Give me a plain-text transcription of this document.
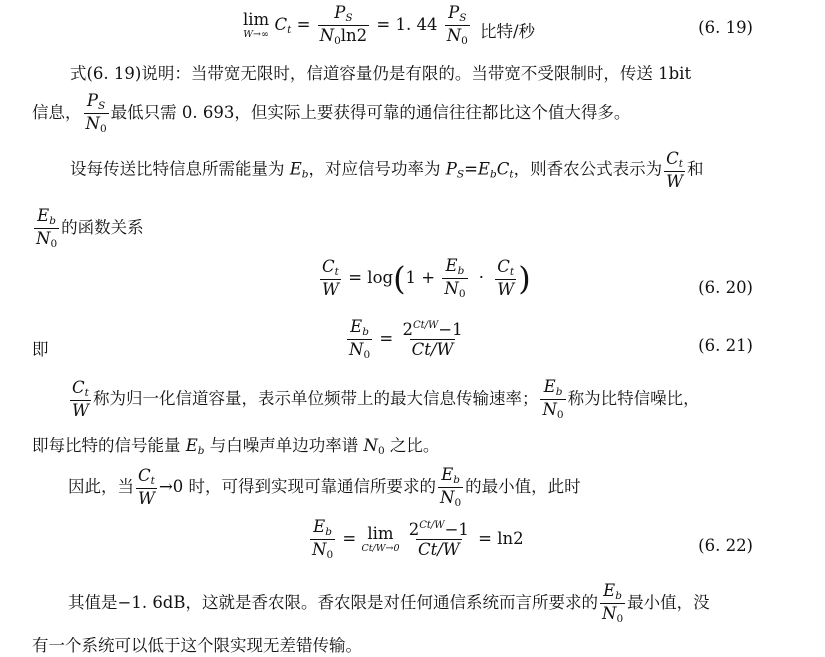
lim
W→∞ $C_t = \frac{P_S}{N_0\ln 2} = 1$. $44 \frac{P_S}{N_0}$ 比特/秒	(6. 19)
式(6. 19)说明：当带宽无限时，信道容量仍是有限的。当带宽不受限制时，传送 1bit
信息， $\frac{P_S}{N_0}$ 最低只需 0. 693，但实际上要获得可靠的通信往往都比这个值大得多。
设每传送比特信息所需能量为 $E_b$，对应信号功率为 $P_S=E_bC_t$，则香农公式表示为 $\frac{C_t}{W}$ 和
$\frac{E_b}{N_0}$ 的函数关系
$\frac{C_t}{W} = \log(1 + \frac{E_b}{N_0} \cdot \frac{C_t}{W}$ )	(6. 20)
即	$\frac{E_b}{N_0} = \frac{2^{Ct/W}-1}{Ct/W}$	(6. 21)
$\frac{C_t}{W}$ 称为归一化信道容量，表示单位频带上的最大信息传输速率； $\frac{E_b}{N_0}$ 称为比特信噪比，
即每比特的信号能量 $E_b$ 与白噪声单边功率谱 $N_0$ 之比。
因此，当 $\frac{C_t}{W} \to 0$ 时，可得到实现可靠通信所要求的 $\frac{E_b}{N_0}$ 的最小值，此时
$\frac{E_b}{N_0} = \lim$
Ct/W→0
$\frac{2^{Ct/W}-1}{Ct/W} = \ln 2$	(6. 22)
其值是−1. 6dB，这就是香农限。香农限是对任何通信系统而言所要求的 $\frac{E_b}{N_0}$ 最小值，没
有一个系统可以低于这个限实现无差错传输。
